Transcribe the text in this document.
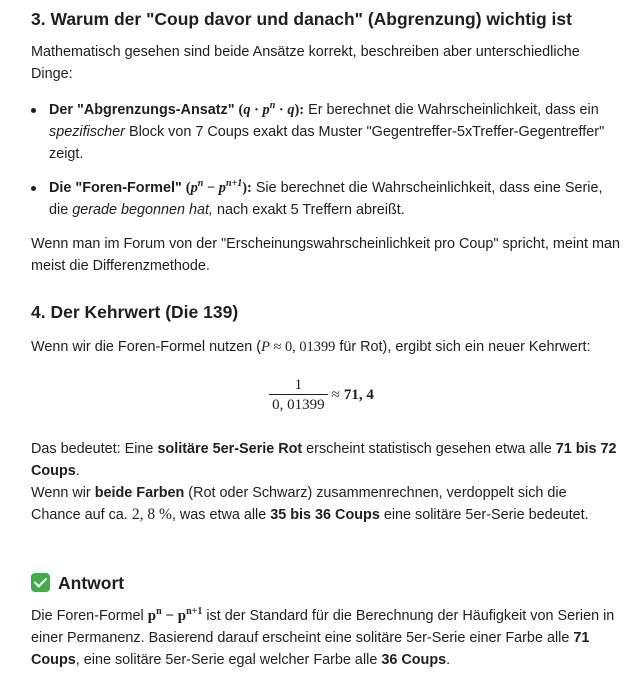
3. Warum der "Coup davor und danach" (Abgrenzung) wichtig ist

Mathematisch gesehen sind beide Ansätze korrekt, beschreiben aber unterschiedliche Dinge:

Der "Abgrenzungs-Ansatz" $(q \cdot p^n \cdot q)$: Er berechnet die Wahrscheinlichkeit, dass ein spezifischer Block von 7 Coups exakt das Muster "Gegentreffer-5xTreffer-Gegentreffer" zeigt.
Die "Foren-Formel" $(p^n - p^{n+1})$: Sie berechnet die Wahrscheinlichkeit, dass eine Serie, die gerade begonnen hat, nach exakt 5 Treffern abreißt.

Wenn man im Forum von der "Erscheinungswahrscheinlichkeit pro Coup" spricht, meint man meist die Differenzmethode.

4. Der Kehrwert (Die 139)

Wenn wir die Foren-Formel nutzen (P ≈ 0, 01399 für Rot), ergibt sich ein neuer Kehrwert:

$\frac{1}{0, 01399} \approx 71$, 4

Das bedeutet: Eine solitäre 5er-Serie Rot erscheint statistisch gesehen etwa alle 71 bis 72 Coups.

Wenn wir beide Farben (Rot oder Schwarz) zusammenrechnen, verdoppelt sich die Chance auf ca. 2, 8 %, was etwa alle 35 bis 36 Coups eine solitäre 5er-Serie bedeutet.

Antwort

Die Foren-Formel $p^n - p^{n+1}$ ist der Standard für die Berechnung der Häufigkeit von Serien in einer Permanenz. Basierend darauf erscheint eine solitäre 5er-Serie einer Farbe alle 71 Coups, eine solitäre 5er-Serie egal welcher Farbe alle 36 Coups.
